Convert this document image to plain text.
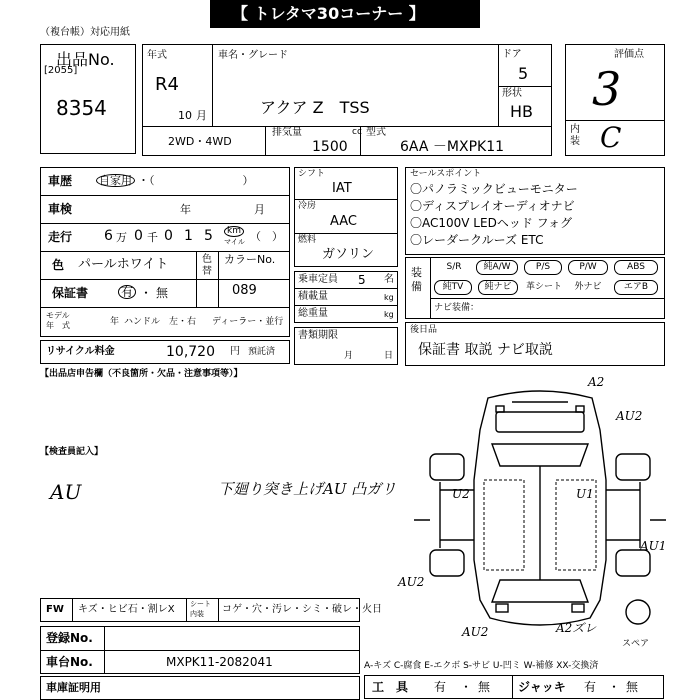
【 トレタマ30コーナー 】
（複台帳）対応用紙
出品No.
[2055]
8354
年式
R4
10 月
車名・グレード
アクア Z　TSS
ドア
5
形状
HB
2WD・4WD
排気量	cc
1500
型式
6AA －MXPK11
評価点
3
内装 C
車歴 自家用 ・（　　　　　　　　）
車検	年	月
走行 6 万 0 千 0 1 5	km
マイル （　）
色 パールホワイト	色替
カラーNo.
089
保証書	有 ・ 無
モデル
年　式	年 ハンドル　左・右 ディーラー・並行
リサイクル料金	10,720 円 預託済
シフト
IAT
冷房
AAC
燃料
ガソリン
乗車定員 5 名
積載量	kg
総重量	kg
書類期限
月	日
セールスポイント
〇パノラミックビューモニター
〇ディスプレイオーディオナビ
〇AC100V LEDヘッド フォグ
〇レーダークルーズ ETC
装備
S/R	純A/W	P/S	P/W	ABS
純TV	純ナビ	革シート	外ナビ	エアB
ナビ装備：
後日品
保証書 取説 ナビ取説
【出品店申告欄（不良箇所・欠品・注意事項等）】
【検査員記入】
AU	下廻り突き上げAU 凸ガリ
A2
AU2
AU1
AU2
U2	U1
AU2	A2ズレ
スペア
FW キズ・ヒビ石・割レX シート
内装 コゲ・穴・汚レ・シミ・破レ・火日
登録No.
車台No.	MXPK11-2082041
車庫証明用
A-キズ C-腐食 E-エクボ S-サビ U-凹ミ W-補修 XX-交換済
工　具 有 ・ 無 ジャッキ 有 ・ 無
